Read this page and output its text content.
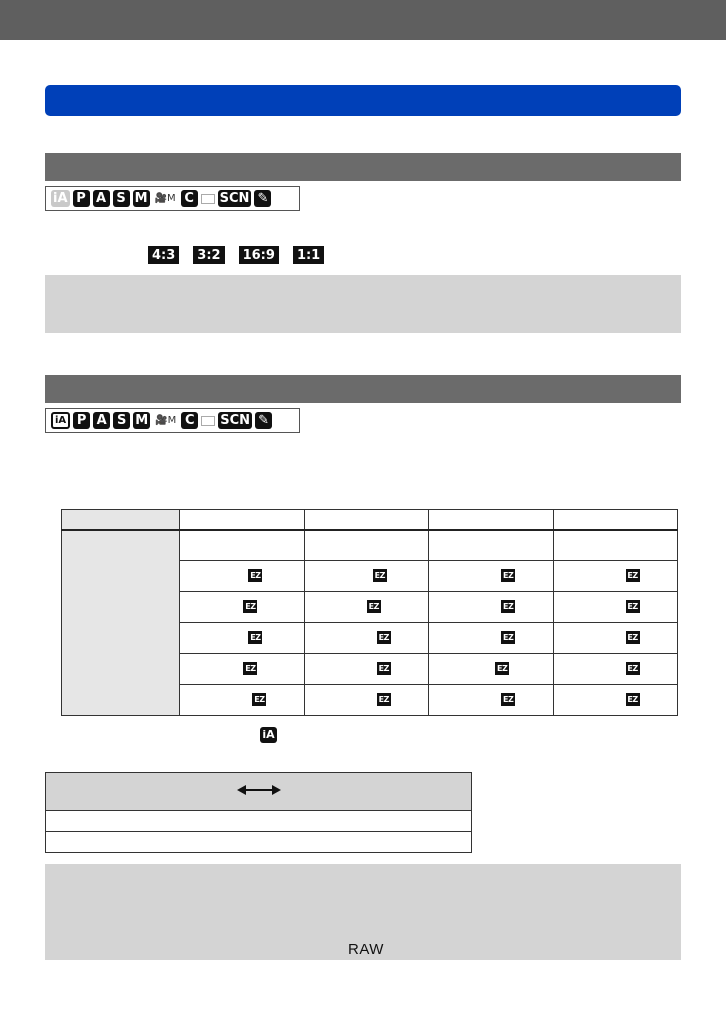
iA P A S M 🎥M C SCN ✎
4:3	3:2	16:9	1:1
iA P A S M 🎥M C SCN ✎

EZ	EZ	EZ	EZ

EZ	EZ	EZ	EZ

EZ	EZ	EZ	EZ

EZ	EZ	EZ	EZ

EZ	EZ	EZ	EZ
iA

RAW
